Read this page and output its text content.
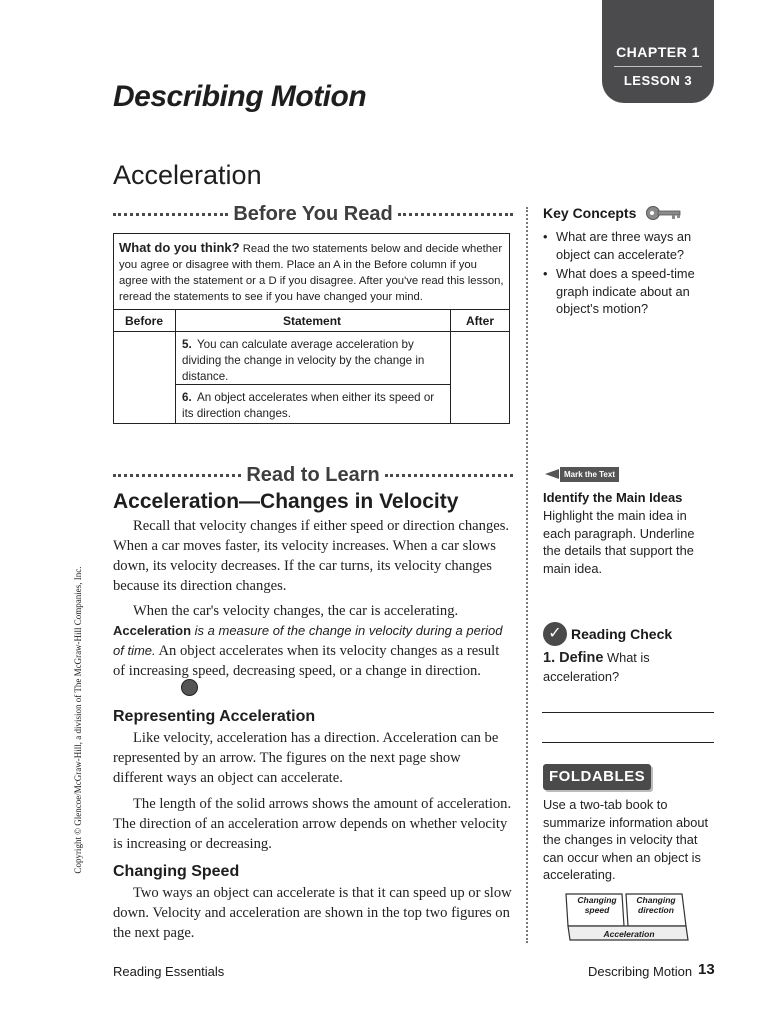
CHAPTER 1
LESSON 3
Describing Motion
Acceleration
Before You Read
What do you think? Read the two statements below and decide whether you agree or disagree with them. Place an A in the Before column if you agree with the statement or a D if you disagree. After you've read this lesson, reread the statements to see if you have changed your mind.
Before	Statement	After
5. You can calculate average acceleration by dividing the change in velocity by the change in distance.
6. An object accelerates when either its speed or its direction changes.
Read to Learn
Acceleration—Changes in Velocity
Recall that velocity changes if either speed or direction changes. When a car moves faster, its velocity increases. When a car slows down, its velocity decreases. If the car turns, its velocity changes because its direction changes.
When the car's velocity changes, the car is accelerating. Acceleration is a measure of the change in velocity during a period of time. An object accelerates when its velocity changes as a result of increasing speed, decreasing speed, or a change in direction.
Representing Acceleration
Like velocity, acceleration has a direction. Acceleration can be represented by an arrow. The figures on the next page show different ways an object can accelerate.
The length of the solid arrows shows the amount of acceleration. The direction of an acceleration arrow depends on whether velocity is increasing or decreasing.
Changing Speed
Two ways an object can accelerate is that it can speed up or slow down. Velocity and acceleration are shown in the top two figures on the next page.
Key Concepts
• What are three ways an object can accelerate?
• What does a speed-time graph indicate about an object's motion?
Mark the Text
Identify the Main Ideas
Highlight the main idea in each paragraph. Underline the details that support the main idea.
✓ Reading Check
1. Define What is acceleration?
FOLDABLES
Use a two-tab book to summarize information about the changes in velocity that can occur when an object is accelerating.
Changing speed
Changing direction
Acceleration
Copyright © Glencoe/McGraw-Hill, a division of The McGraw-Hill Companies, Inc.
Reading Essentials	Describing Motion 13
